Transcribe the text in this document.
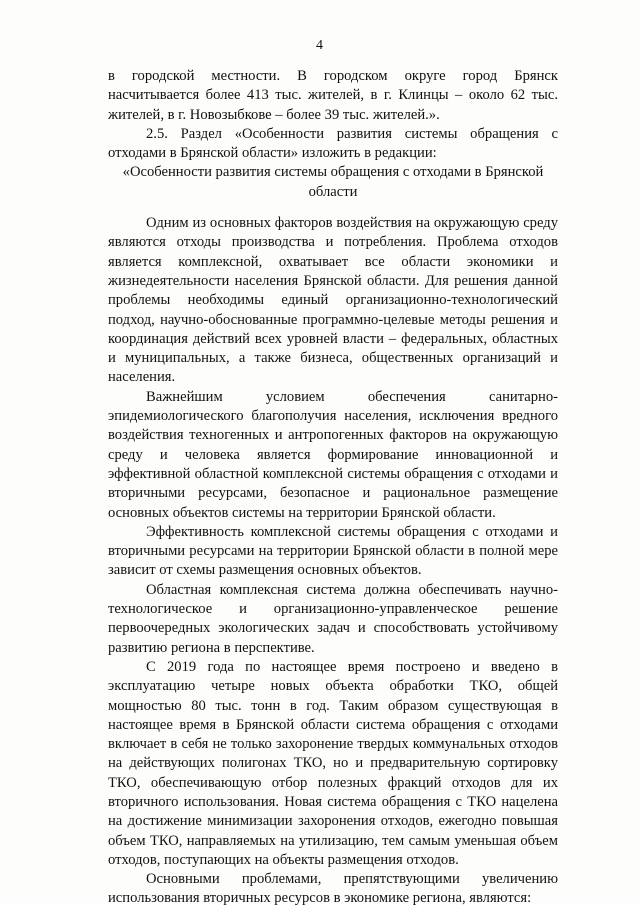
4

в городской местности. В городском округе город Брянск насчитывается более 413 тыс. жителей, в г. Клинцы – около 62 тыс. жителей, в г. Новозыбкове – более 39 тыс. жителей.».

2.5. Раздел «Особенности развития системы обращения с отходами в Брянской области» изложить в редакции:

«Особенности развития системы обращения с отходами в Брянской области

Одним из основных факторов воздействия на окружающую среду являются отходы производства и потребления. Проблема отходов является комплексной, охватывает все области экономики и жизнедеятельности населения Брянской области. Для решения данной проблемы необходимы единый организационно-технологический подход, научно-обоснованные программно-целевые методы решения и координация действий всех уровней власти – федеральных, областных и муниципальных, а также бизнеса, общественных организаций и населения.

Важнейшим условием обеспечения санитарно-эпидемиологического благополучия населения, исключения вредного воздействия техногенных и антропогенных факторов на окружающую среду и человека является формирование инновационной и эффективной областной комплексной системы обращения с отходами и вторичными ресурсами, безопасное и рациональное размещение основных объектов системы на территории Брянской области.

Эффективность комплексной системы обращения с отходами и вторичными ресурсами на территории Брянской области в полной мере зависит от схемы размещения основных объектов.

Областная комплексная система должна обеспечивать научно-технологическое и организационно-управленческое решение первоочередных экологических задач и способствовать устойчивому развитию региона в перспективе.

С 2019 года по настоящее время построено и введено в эксплуатацию четыре новых объекта обработки ТКО, общей мощностью 80 тыс. тонн в год. Таким образом существующая в настоящее время в Брянской области система обращения с отходами включает в себя не только захоронение твердых коммунальных отходов на действующих полигонах ТКО, но и предварительную сортировку ТКО, обеспечивающую отбор полезных фракций отходов для их вторичного использования. Новая система обращения с ТКО нацелена на достижение минимизации захоронения отходов, ежегодно повышая объем ТКО, направляемых на утилизацию, тем самым уменьшая объем отходов, поступающих на объекты размещения отходов.

Основными проблемами, препятствующими увеличению использования вторичных ресурсов в экономике региона, являются:
